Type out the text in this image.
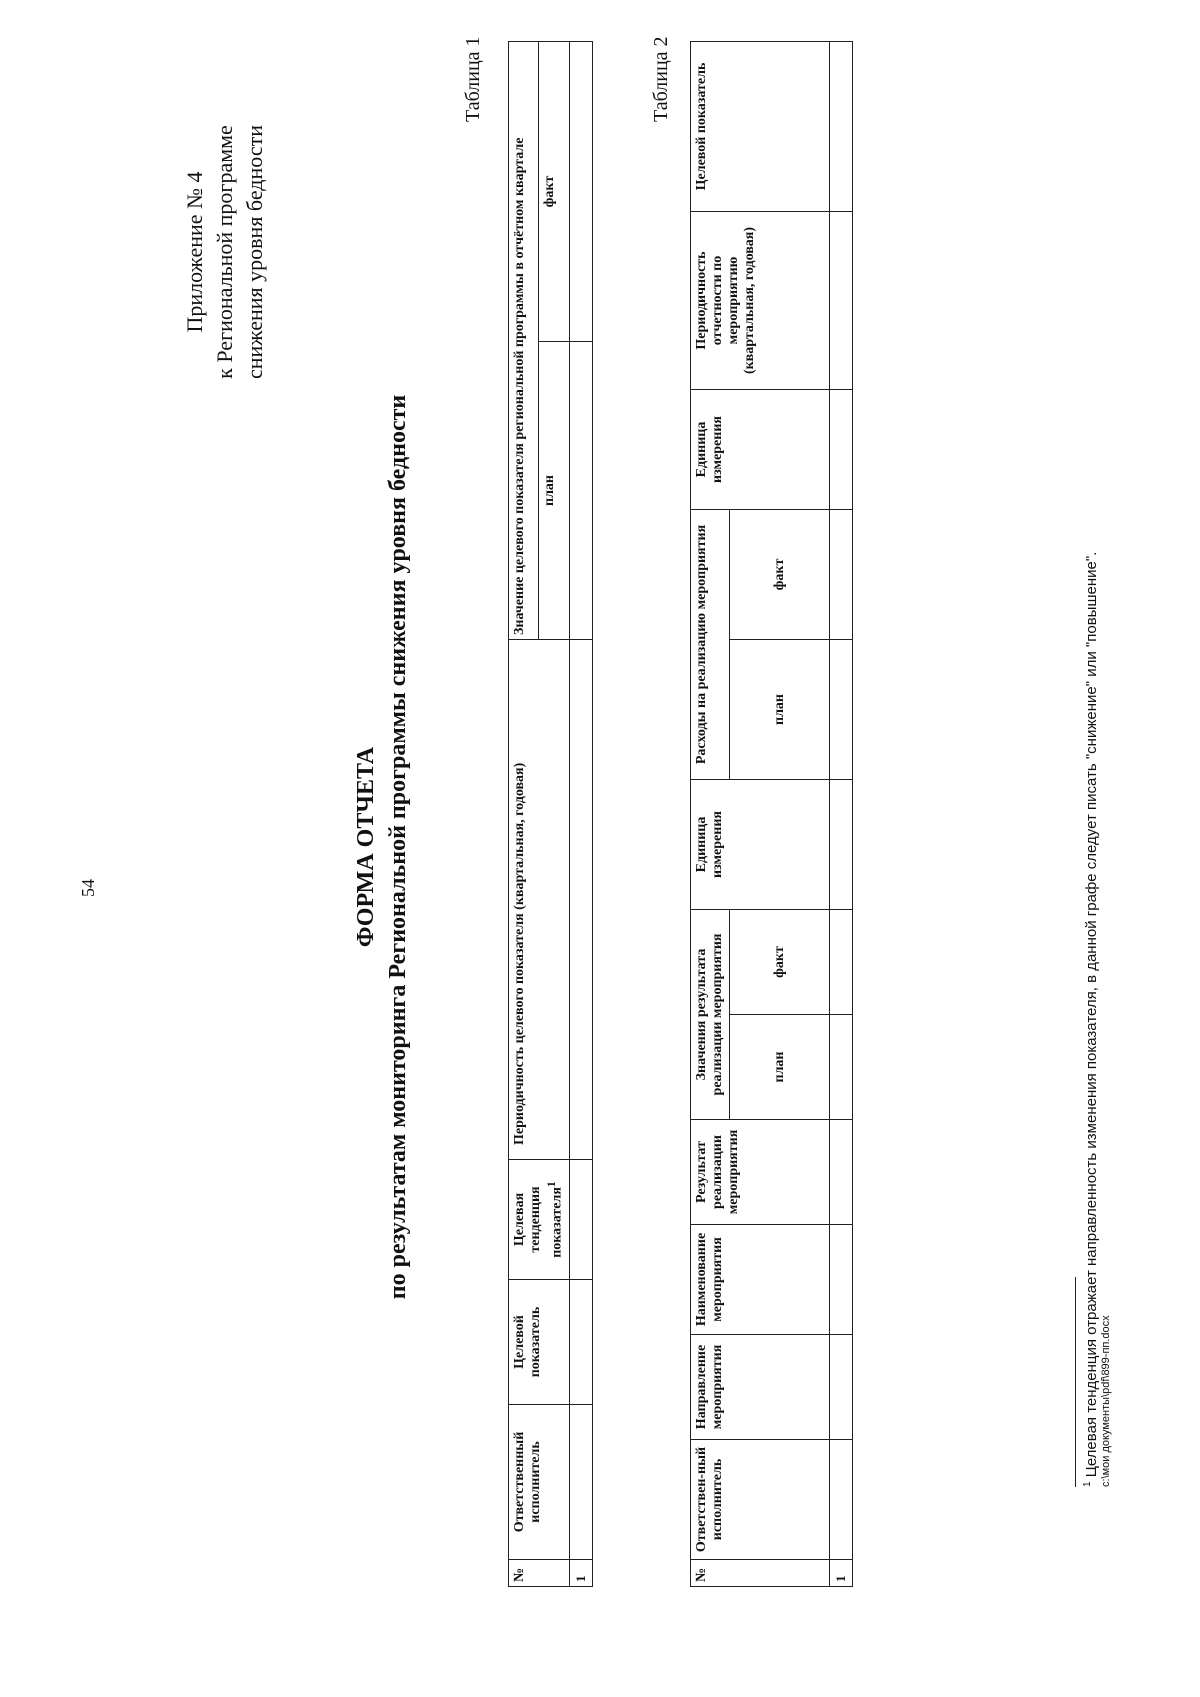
54
Приложение № 4 к Региональной программе снижения уровня бедности
ФОРМА ОТЧЕТА по результатам мониторинга Региональной программы снижения уровня бедности
Таблица 1
№	Ответственный исполнитель	Целевой показатель	Целевая тенденция показателя$^1$	Периодичность целевого показателя (квартальная, годовая)	Значение целевого показателя региональной программы в отчётном квартале	
					план	факт
1						
Таблица 2
№	Ответствен-ный исполнитель	Направление мероприятия	Наименование мероприятия	Результат реализации мероприятия	Значения результата реализации мероприятия		Единица измерения	Расходы на реализацию мероприятия		Единица измерения	Периодичность отчетности по мероприятию (квартальная, годовая)	Целевой показатель
					план	факт		план	факт			
1												
$^1$ Целевая тенденция отражает направленность изменения показателя, в данной графе следует писать "снижение" или "повышение". c:\мои документы\pdf\899-пп.docx
